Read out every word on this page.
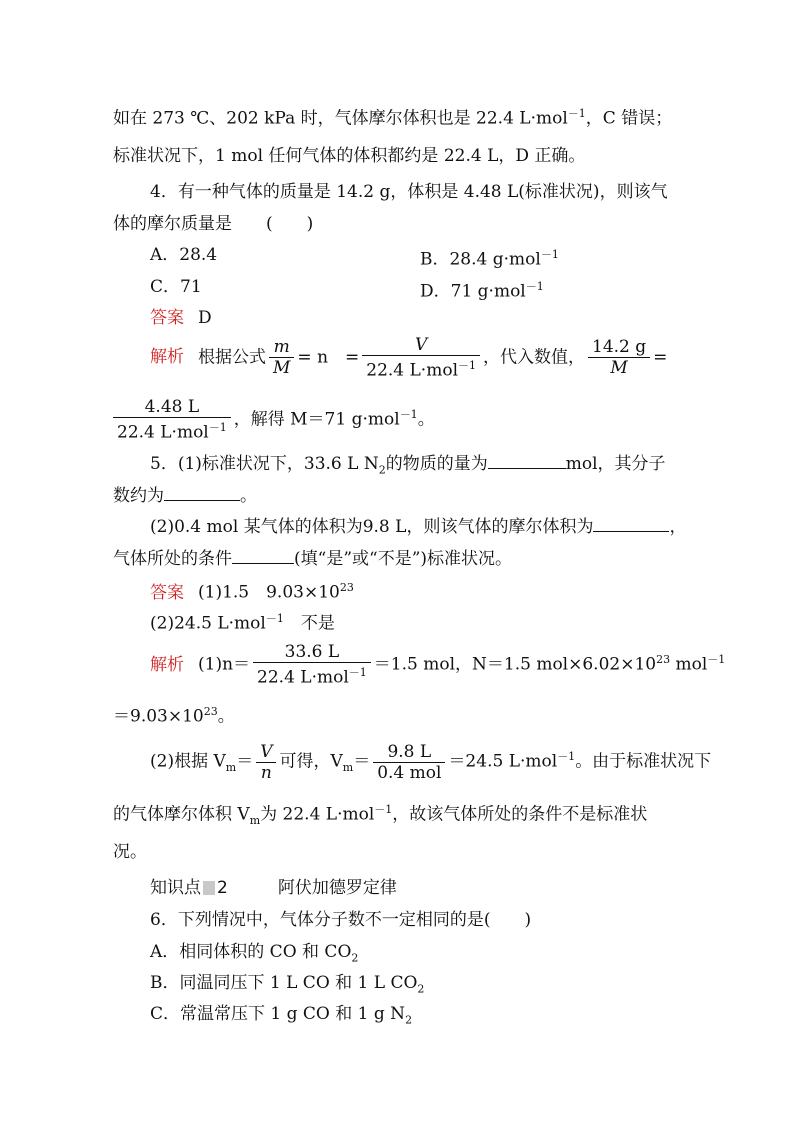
如在 273 ℃、202 kPa 时，气体摩尔体积也是 22.4 L·mol$^{-1}$，C 错误；
标准状况下，1 mol 任何气体的体积都约是 22.4 L，D 正确。
4．有一种气体的质量是 14.2 g，体积是 4.48 L(标准状况)，则该气
体的摩尔质量是　　(　　)
A．28.4	B．28.4 g·mol$^{-1}$
C．71	D．71 g·mol$^{-1}$
答案 D
解析 根据公式 $\frac{m}{M} = n$　= $\frac{V}{22.4 L\cdot mol^{-1}}$ ，代入数值， $\frac{14.2 g}{M}$ =
$\frac{4.48 L}{22.4 L\cdot mol^{-1}}$ ，解得 M＝71 g·mol$^{-1}$。
5．(1)标准状况下，33.6 L $N_2$的物质的量为	mol，其分子
数约为	。
(2)0.4 mol 某气体的体积为9.8 L，则该气体的摩尔体积为	，
气体所处的条件	(填“是”或“不是”)标准状况。
答案 (1)1.5　$9.03\times 10^{23}$
(2)24.5 L·mol$^{-1}$　不是
解析 $(1)n= \frac{33.6 L}{22.4 L\cdot mol^{-1}} =1.5$ mol，N＝1.5 $mol\times 6.02\times 10^{23}$ mol$^{-1}$
$=9.03\times 10^{23}$。
(2)根据 $V_m= \frac{V}{n}$ 可得，$V_m= \frac{9.8 L}{\text{0.4 mol}} =24.5$ L·mol$^{-1}$。由于标准状况下
的气体摩尔体积 $V_m$为 22.4 L·mol$^{-1}$，故该气体所处的条件不是标准状
况。
知识点 2	阿伏加德罗定律
6．下列情况中，气体分子数不一定相同的是(　　)
A．相同体积的 CO 和 $CO_2$
B．同温同压下 1 L CO 和 1 L $CO_2$
C．常温常压下 1 g CO 和 1 g $N_2$
